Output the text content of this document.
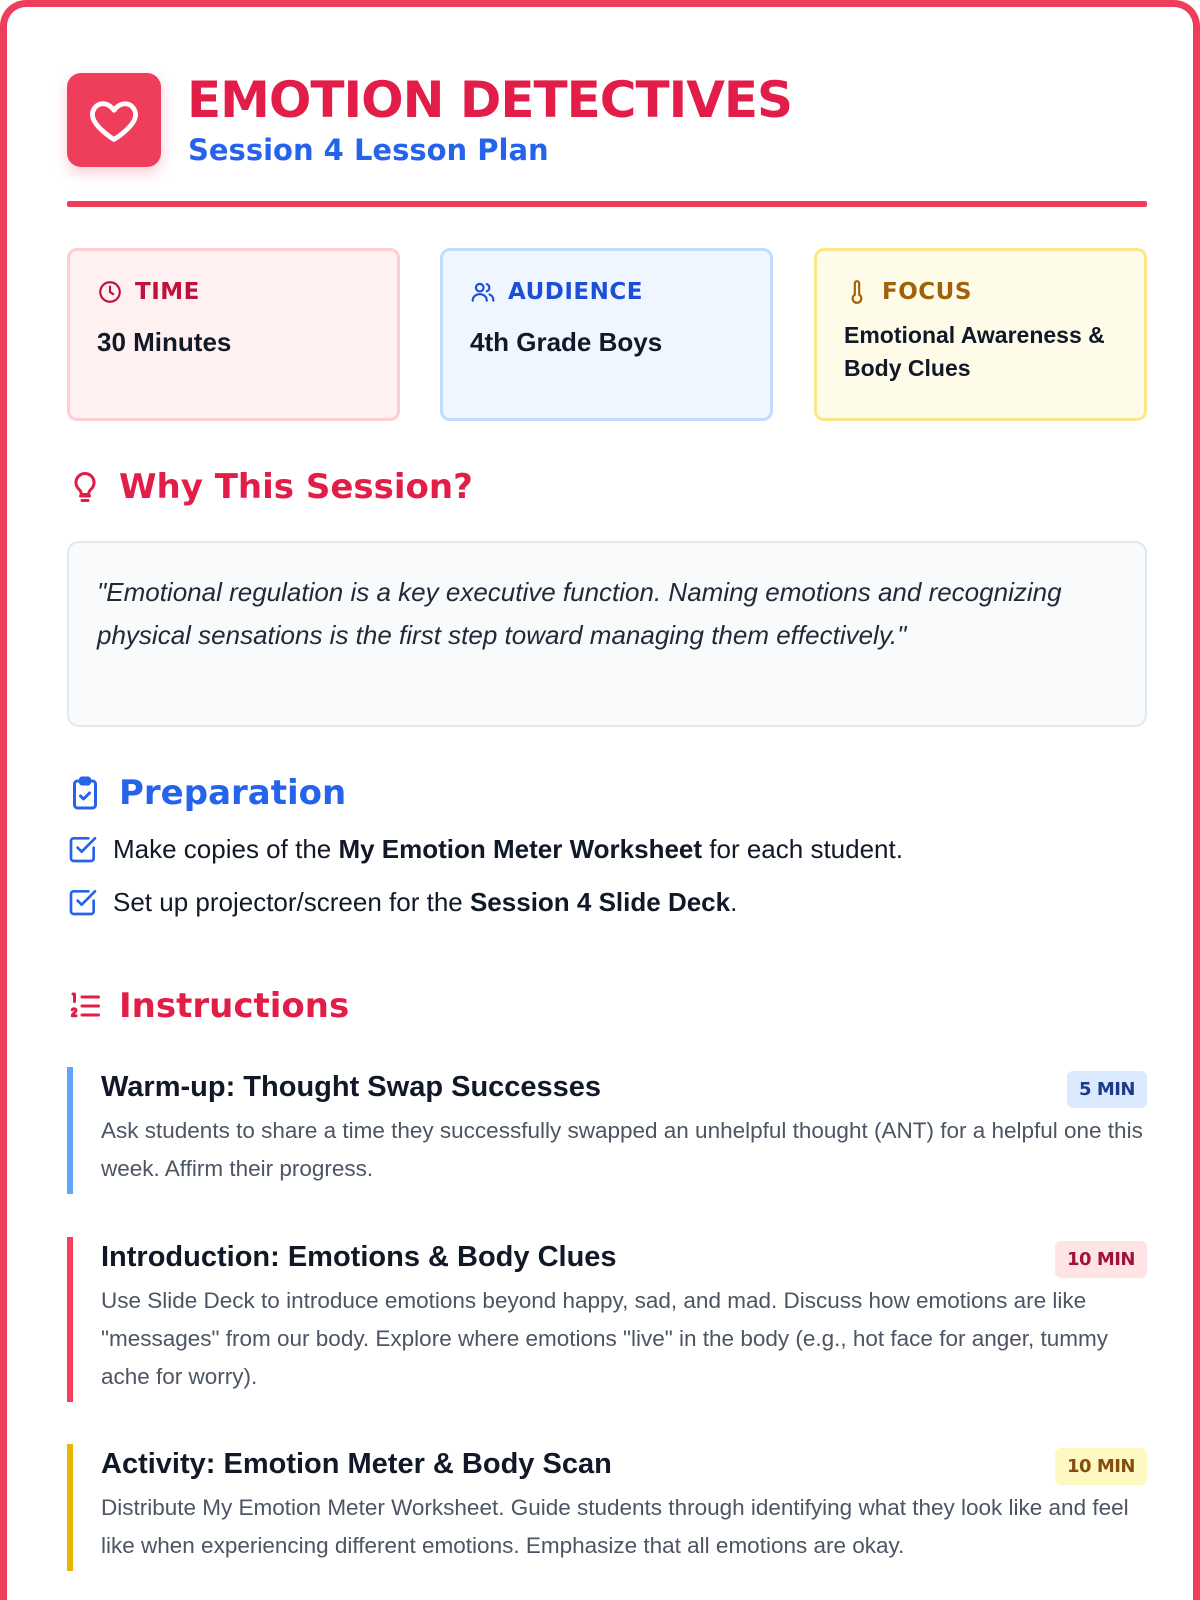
EMOTION DETECTIVES
Session 4 Lesson Plan
TIME
30 Minutes
AUDIENCE
4th Grade Boys
FOCUS
Emotional Awareness & Body Clues
Why This Session?
"Emotional regulation is a key executive function. Naming emotions and recognizing physical sensations is the first step toward managing them effectively."
Preparation
Make copies of the My Emotion Meter Worksheet for each student.
Set up projector/screen for the Session 4 Slide Deck.
Instructions
Warm-up: Thought Swap Successes	5 MIN
Ask students to share a time they successfully swapped an unhelpful thought (ANT) for a helpful one this week. Affirm their progress.
Introduction: Emotions & Body Clues	10 MIN
Use Slide Deck to introduce emotions beyond happy, sad, and mad. Discuss how emotions are like "messages" from our body. Explore where emotions "live" in the body (e.g., hot face for anger, tummy ache for worry).
Activity: Emotion Meter & Body Scan	10 MIN
Distribute My Emotion Meter Worksheet. Guide students through identifying what they look like and feel like when experiencing different emotions. Emphasize that all emotions are okay.
